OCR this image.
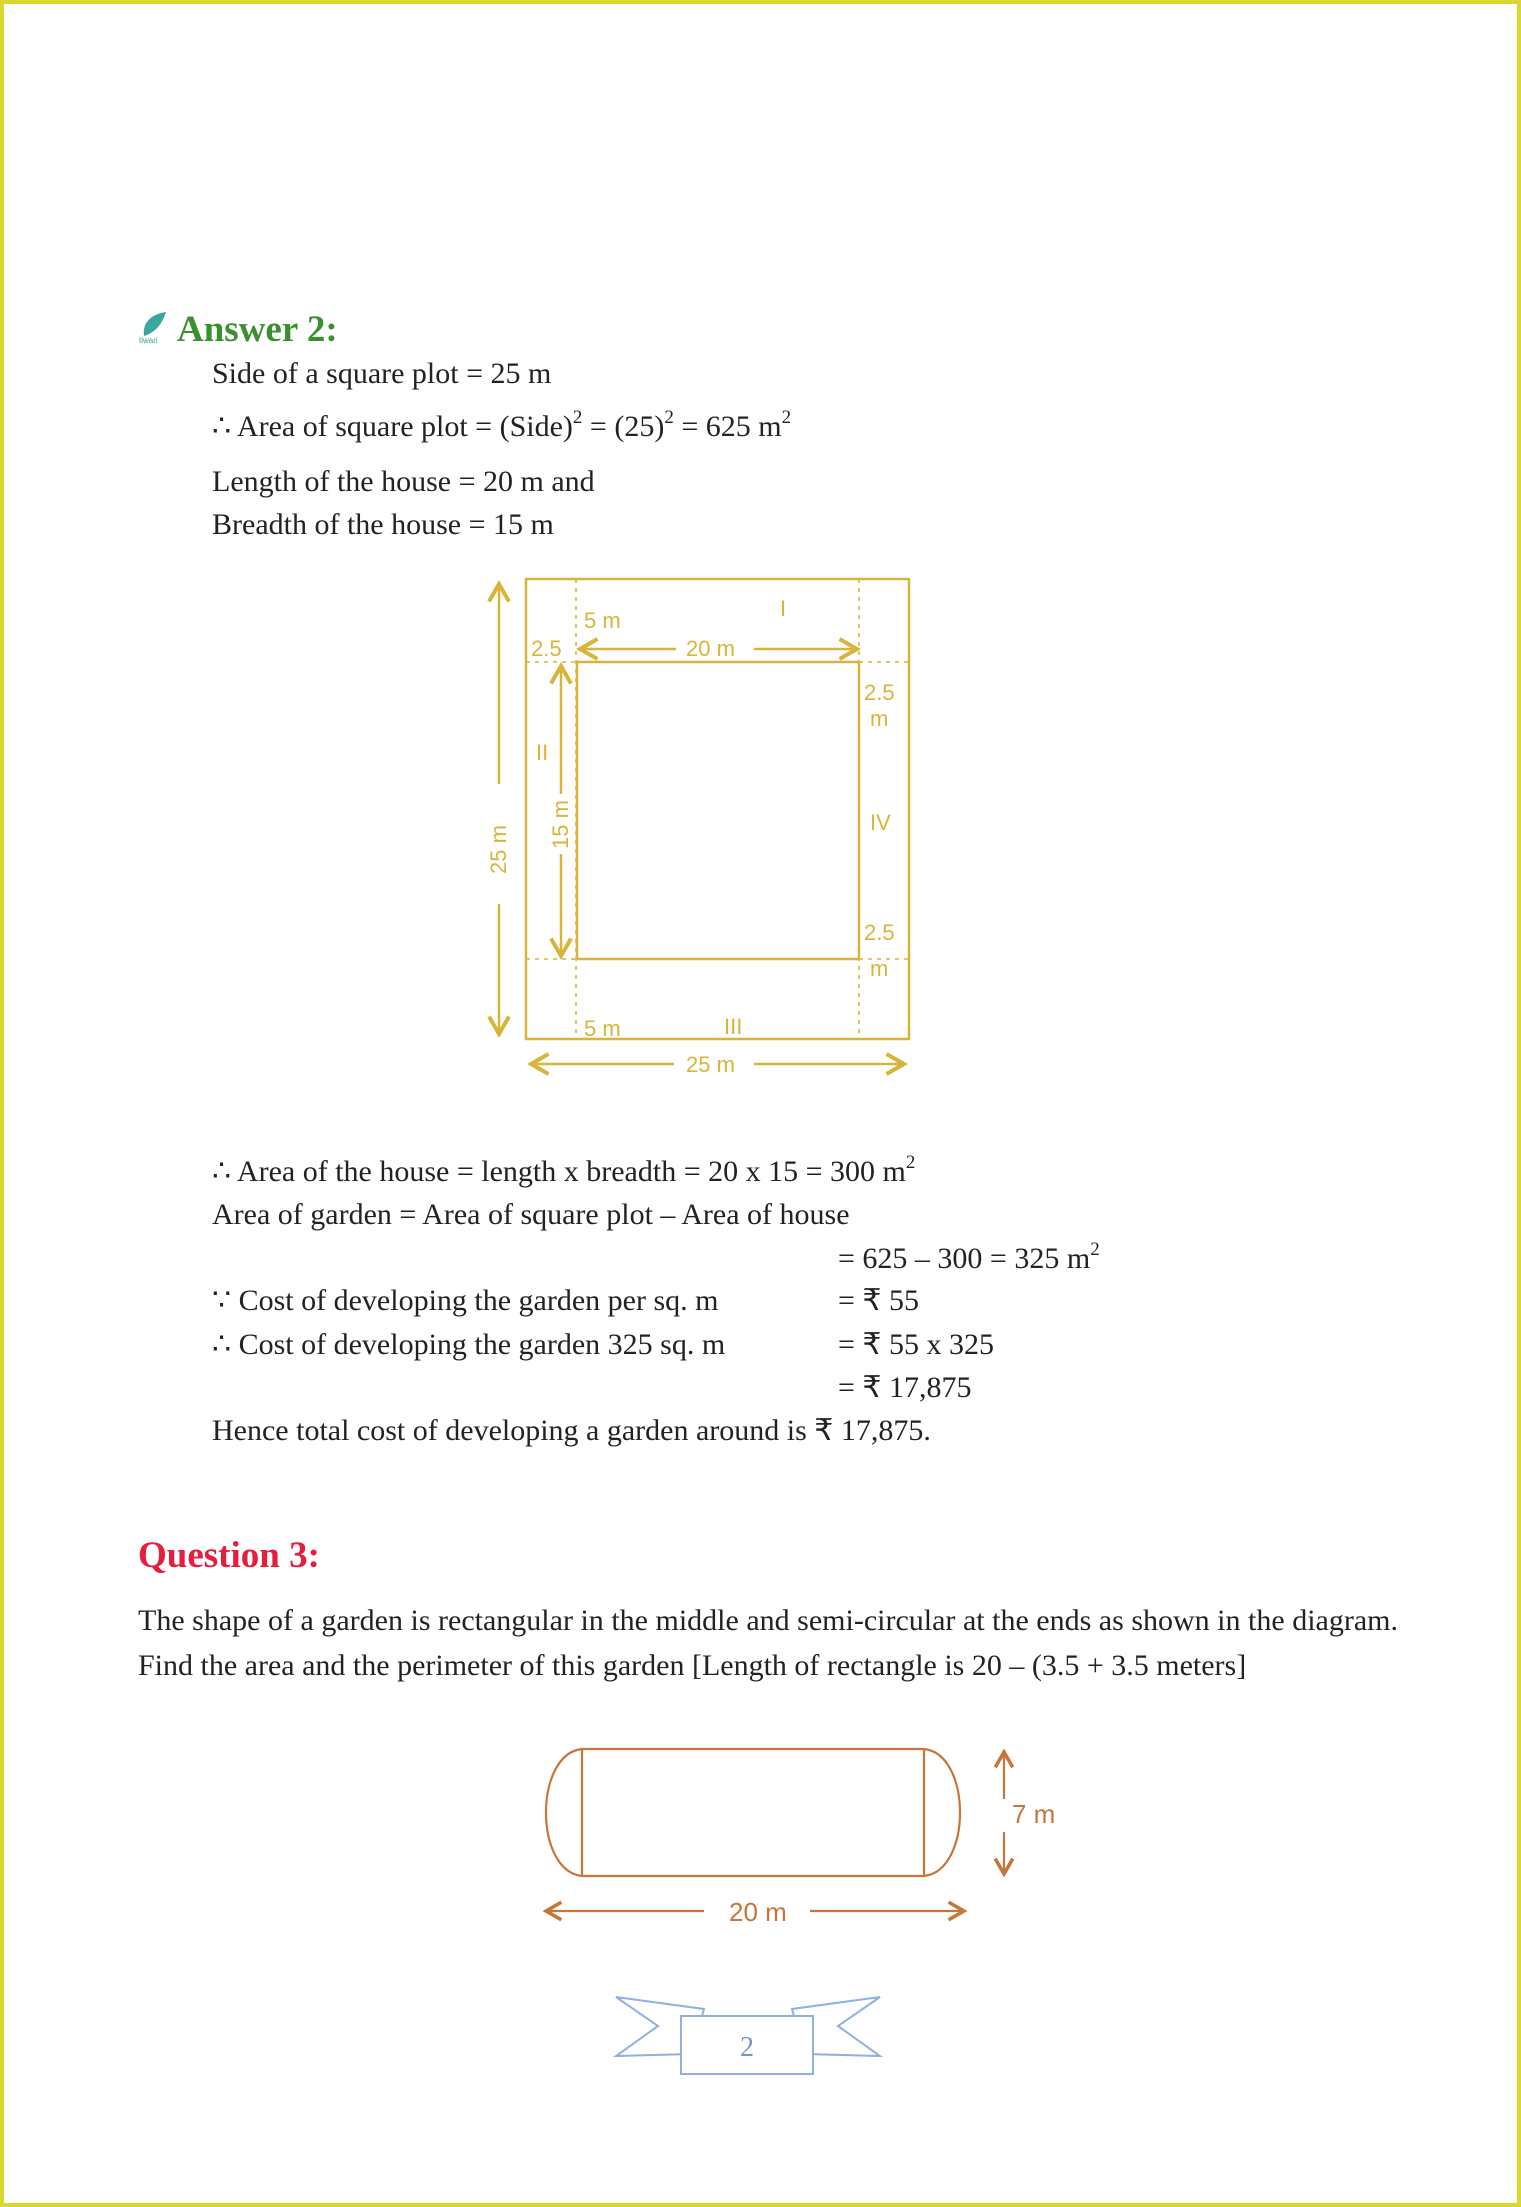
tiwari Answer 2:
Side of a square plot = 25 m
∴ Area of square plot = (Side)$^2$ = $(25)^2 = 625$ $m^2$
Length of the house = 20 m and
Breadth of the house = 15 m
5 m	I
2.5	20 m
2.5
m
II
15 m
25 m
IV
2.5
m
5 m	III
25 m
7 m
20 m
2
∴ Area of the house = length x breadth = 20 x 15 = 300 $m^2$
Area of garden = Area of square plot – Area of house
= 625 – 300 = 325 $m^2$
∵ Cost of developing the garden per sq. m	= ₹ 55
∴ Cost of developing the garden 325 sq. m	= ₹ 55 x 325
= ₹ 17,875
Hence total cost of developing a garden around is ₹ 17,875.
Question 3:
The shape of a garden is rectangular in the middle and semi-circular at the ends as shown in the diagram. Find the area and the perimeter of this garden [Length of rectangle is 20 – (3.5 + 3.5 meters]
